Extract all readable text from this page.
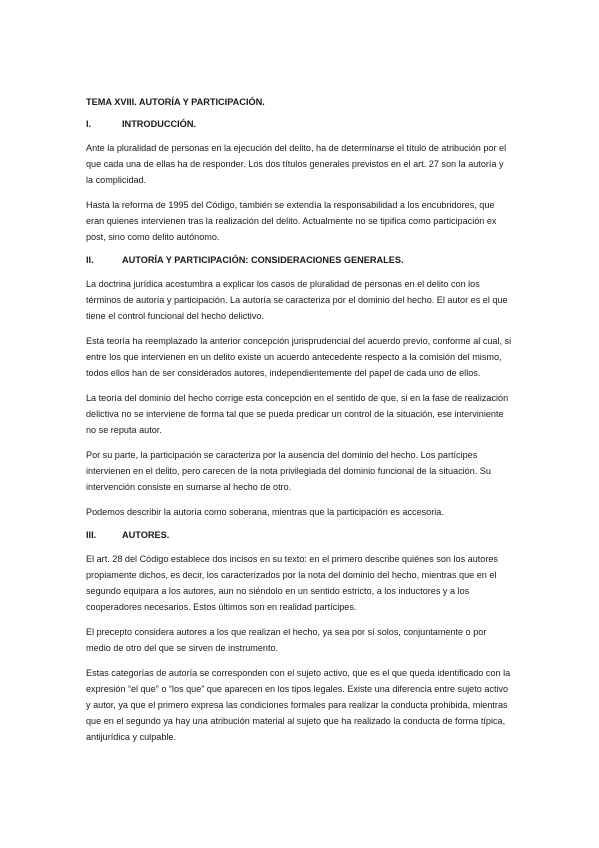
TEMA XVIII. AUTORÍA Y PARTICIPACIÓN.
I.	INTRODUCCIÓN.

Ante la pluralidad de personas en la ejecución del delito, ha de determinarse el título de atribución por el que cada una de ellas ha de responder. Los dos títulos generales previstos en el art. 27 son la autoría y la complicidad.

Hasta la reforma de 1995 del Código, también se extendía la responsabilidad a los encubridores, que eran quienes intervienen tras la realización del delito. Actualmente no se tipifica como participación ex post, sino como delito autónomo.

II.	AUTORÍA Y PARTICIPACIÓN: CONSIDERACIONES GENERALES.

La doctrina jurídica acostumbra a explicar los casos de pluralidad de personas en el delito con los términos de autoría y participación. La autoría se caracteriza por el dominio del hecho. El autor es el que tiene el control funcional del hecho delictivo.

Esta teoría ha reemplazado la anterior concepción jurisprudencial del acuerdo previo, conforme al cual, si entre los que intervienen en un delito existe un acuerdo antecedente respecto a la comisión del mismo, todos ellos han de ser considerados autores, independientemente del papel de cada uno de ellos.

La teoría del dominio del hecho corrige esta concepción en el sentido de que, si en la fase de realización delictiva no se interviene de forma tal que se pueda predicar un control de la situación, ese interviniente no se reputa autor.

Por su parte, la participación se caracteriza por la ausencia del dominio del hecho. Los partícipes intervienen en el delito, pero carecen de la nota privilegiada del dominio funcional de la situación. Su intervención consiste en sumarse al hecho de otro.

Podemos describir la autoría como soberana, mientras que la participación es accesoria.

III.	AUTORES.

El art. 28 del Código establece dos incisos en su texto: en el primero describe quiénes son los autores propiamente dichos, es decir, los caracterizados por la nota del dominio del hecho, mientras que en el segundo equipara a los autores, aun no siéndolo en un sentido estricto, a los inductores y a los cooperadores necesarios. Estos últimos son en realidad partícipes.

El precepto considera autores a los que realizan el hecho, ya sea por sí solos, conjuntamente o por medio de otro del que se sirven de instrumento.

Estas categorías de autoría se corresponden con el sujeto activo, que es el que queda identificado con la expresión “el que” o “los que” que aparecen en los tipos legales. Existe una diferencia entre sujeto activo y autor, ya que el primero expresa las condiciones formales para realizar la conducta prohibida, mientras que en el segundo ya hay una atribución material al sujeto que ha realizado la conducta de forma típica, antijurídica y culpable.
